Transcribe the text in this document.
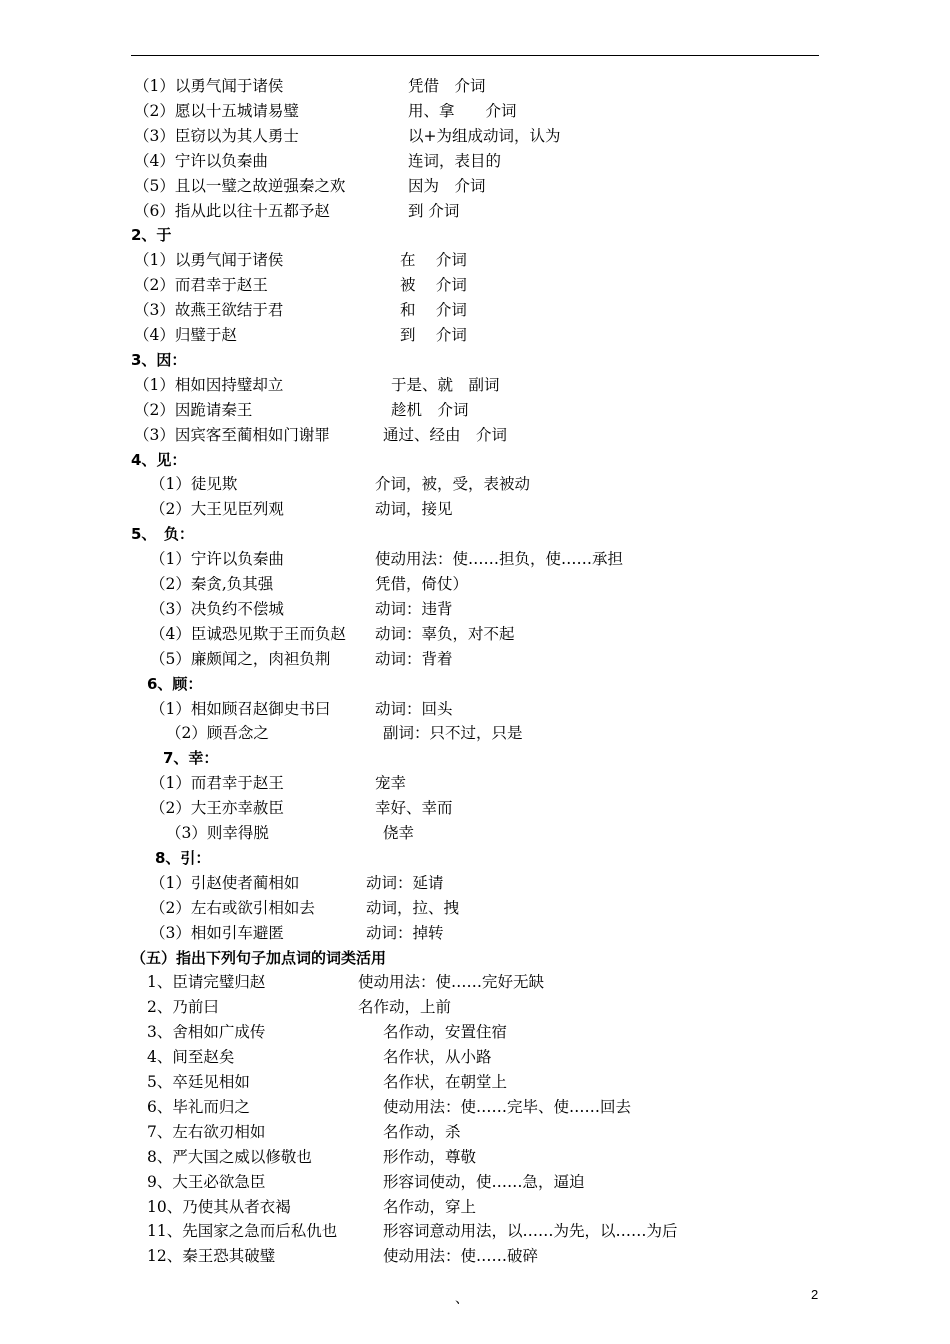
（1）以勇气闻于诸侯	凭借　介词
（2）愿以十五城请易璧	用、拿　　介词
（3）臣窃以为其人勇士	以+为组成动词，认为
（4）宁许以负秦曲	连词，表目的
（5）且以一璧之故逆强秦之欢	因为　介词
（6）指从此以往十五都予赵	到 介词
2、于
（1）以勇气闻于诸侯	在　 介词
（2）而君幸于赵王	被　 介词
（3）故燕王欲结于君	和　 介词
（4）归璧于赵	到　 介词
3、因：
（1）相如因持璧却立	于是、就　副词
（2）因跪请秦王	趁机　介词
（3）因宾客至蔺相如门谢罪	通过、经由　介词
4、见：
（1）徒见欺	介词，被，受，表被动
（2）大王见臣列观	动词，接见
5、　负：
（1）宁许以负秦曲	使动用法：使……担负，使……承担
（2）秦贪,负其强	凭借，倚仗）
（3）决负约不偿城	动词：违背
（4）臣诚恐见欺于王而负赵 动词：辜负，对不起
（5）廉颇闻之，肉袒负荆	动词：背着
6、顾：
（1）相如顾召赵御史书曰	动词：回头
（2）顾吾念之	副词：只不过，只是
7、幸：
（1）而君幸于赵王	宠幸
（2）大王亦幸赦臣	幸好、幸而
（3）则幸得脱	侥幸
8、引：
（1）引赵使者蔺相如	动词：延请
（2）左右或欲引相如去	动词，拉、拽
（3）相如引车避匿	动词：掉转
（五）指出下列句子加点词的词类活用
1、臣请完璧归赵	使动用法：使……完好无缺
2、乃前曰	名作动，上前
3、舍相如广成传	名作动，安置住宿
4、间至赵矣	名作状，从小路
5、卒廷见相如	名作状，在朝堂上
6、毕礼而归之	使动用法：使……完毕、使……回去
7、左右欲刃相如	名作动，杀
8、严大国之威以修敬也	形作动，尊敬
9、大王必欲急臣	形容词使动，使……急，逼迫
10、乃使其从者衣褐	名作动，穿上
11、先国家之急而后私仇也	形容词意动用法，以……为先，以……为后
12、秦王恐其破璧	使动用法：使……破碎
、	2
